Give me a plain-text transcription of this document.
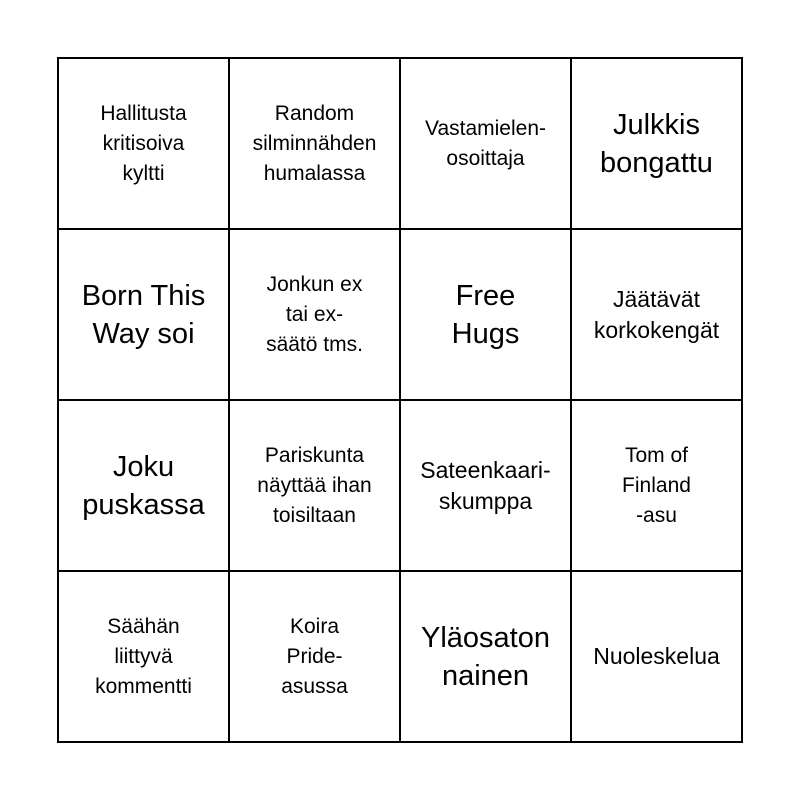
Hallitusta
kritisoiva
kyltti
Random
silminnähden
humalassa
Vastamielen-
osoittaja
Julkkis
bongattu
Born This
Way soi
Jonkun ex
tai ex-
säätö tms.
Free
Hugs
Jäätävät
korkokengät
Joku
puskassa
Pariskunta
näyttää ihan
toisiltaan
Sateenkaari-
skumppa
Tom of
Finland
-asu
Säähän
liittyvä
kommentti
Koira
Pride-
asussa
Yläosaton
nainen
Nuoleskelua
